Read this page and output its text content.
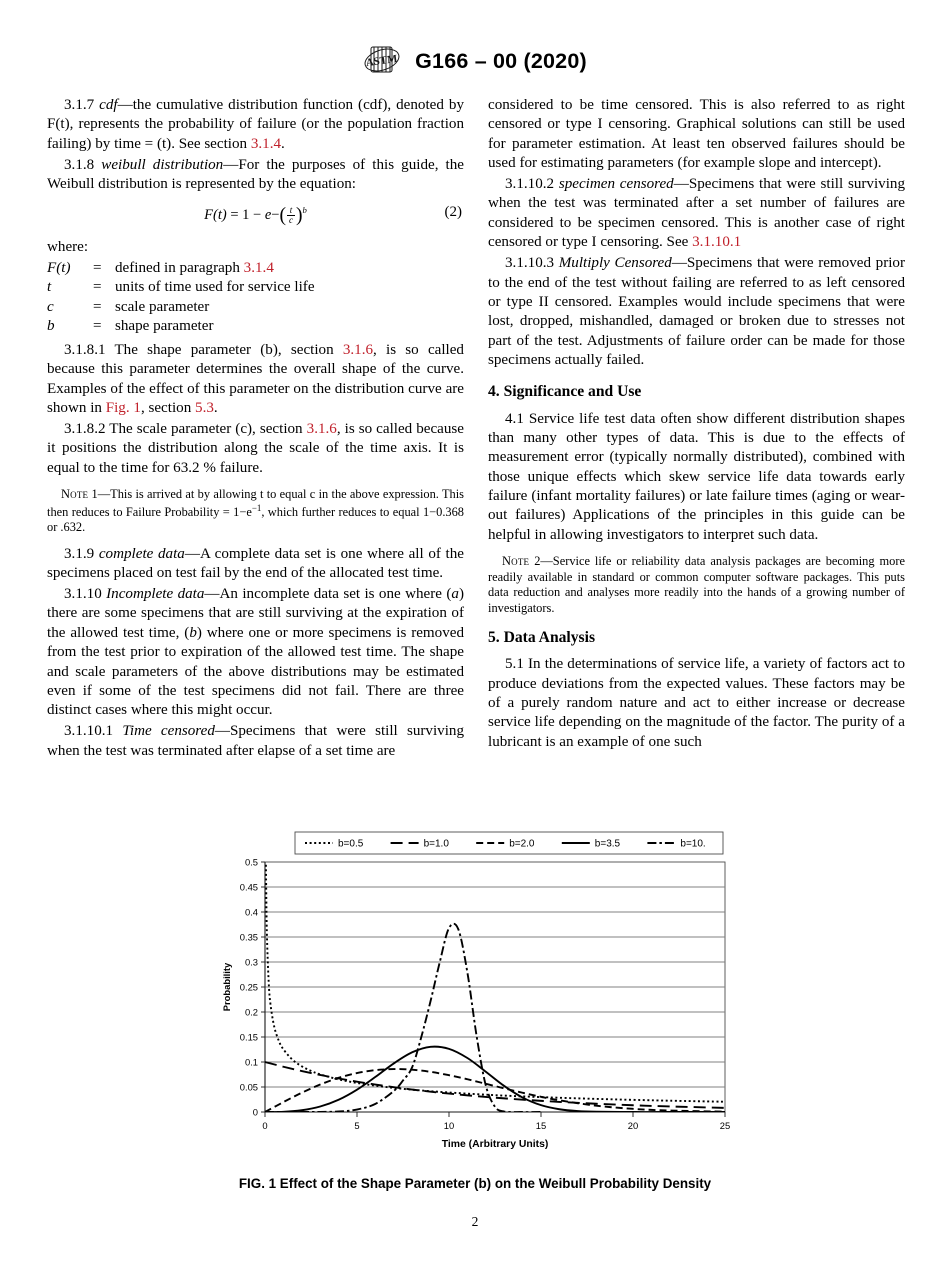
ASTM G166 – 00 (2020)

3.1.7 cdf—the cumulative distribution function (cdf), denoted by F(t), represents the probability of failure (or the population fraction failing) by time = (t). See section 3.1.4.

3.1.8 weibull distribution—For the purposes of this guide, the Weibull distribution is represented by the equation:

$F(t) = 1 - e-( \frac{t}{c} )^b$	(2)

where:

F(t)	= defined in paragraph 3.1.4
t	= units of time used for service life
c	= scale parameter
b	= shape parameter

3.1.8.1 The shape parameter (b), section 3.1.6, is so called because this parameter determines the overall shape of the curve. Examples of the effect of this parameter on the distribution curve are shown in Fig. 1, section 5.3.

3.1.8.2 The scale parameter (c), section 3.1.6, is so called because it positions the distribution along the scale of the time axis. It is equal to the time for 63.2 % failure.

Note 1—This is arrived at by allowing t to equal c in the above expression. This then reduces to Failure Probability = $1-e^{-1}$, which further reduces to equal 1−0.368 or .632.

3.1.9 complete data—A complete data set is one where all of the specimens placed on test fail by the end of the allocated test time.

3.1.10 Incomplete data—An incomplete data set is one where (a) there are some specimens that are still surviving at the expiration of the allowed test time, (b) where one or more specimens is removed from the test prior to expiration of the allowed test time. The shape and scale parameters of the above distributions may be estimated even if some of the test specimens did not fail. There are three distinct cases where this might occur.

3.1.10.1 Time censored—Specimens that were still surviving when the test was terminated after elapse of a set time are

considered to be time censored. This is also referred to as right censored or type I censoring. Graphical solutions can still be used for parameter estimation. At least ten observed failures should be used for estimating parameters (for example slope and intercept).

3.1.10.2 specimen censored—Specimens that were still surviving when the test was terminated after a set number of failures are considered to be specimen censored. This is another case of right censored or type I censoring. See 3.1.10.1

3.1.10.3 Multiply Censored—Specimens that were removed prior to the end of the test without failing are referred to as left censored or type II censored. Examples would include specimens that were lost, dropped, mishandled, damaged or broken due to stresses not part of the test. Adjustments of failure order can be made for those specimens actually failed.

4. Significance and Use

4.1 Service life test data often show different distribution shapes than many other types of data. This is due to the effects of measurement error (typically normally distributed), combined with those unique effects which skew service life data towards early failure (infant mortality failures) or late failure times (aging or wear-out failures) Applications of the principles in this guide can be helpful in allowing investigators to interpret such data.

Note 2—Service life or reliability data analysis packages are becoming more readily available in standard or common computer software packages. This puts data reduction and analyses more readily into the hands of a growing number of investigators.

5. Data Analysis

5.1 In the determinations of service life, a variety of factors act to produce deviations from the expected values. These factors may be of a purely random nature and act to either increase or decrease service life depending on the magnitude of the factor. The purity of a lubricant is an example of one such

0
0.05
0.1
0.15
0.2
0.25
0.3
0.35
0.4
0.45
0.5
0	5	10	15	20	25
Time (Arbitrary Units)
Probability
b=0.5	b=1.0	b=2.0	b=3.5	b=10.
FIG. 1 Effect of the Shape Parameter (b) on the Weibull Probability Density
2
